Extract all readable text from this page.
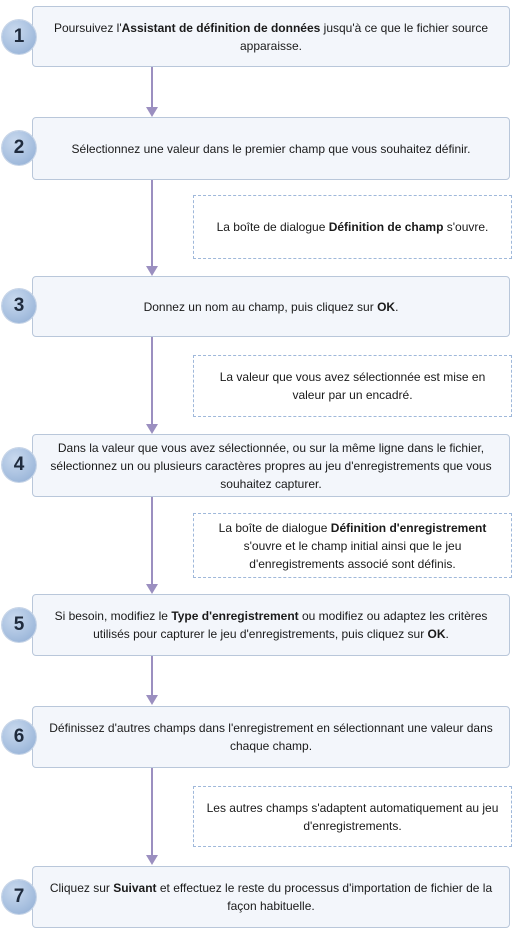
Poursuivez l'Assistant de définition de données jusqu'à ce que le fichier source apparaisse.
Sélectionnez une valeur dans le premier champ que vous souhaitez définir.
Donnez un nom au champ, puis cliquez sur OK.
Dans la valeur que vous avez sélectionnée, ou sur la même ligne dans le fichier, sélectionnez un ou plusieurs caractères propres au jeu d'enregistrements que vous souhaitez capturer.
Si besoin, modifiez le Type d'enregistrement ou modifiez ou adaptez les critères utilisés pour capturer le jeu d'enregistrements, puis cliquez sur OK.
Définissez d'autres champs dans l'enregistrement en sélectionnant une valeur dans chaque champ.
Cliquez sur Suivant et effectuez le reste du processus d'importation de fichier de la façon habituelle.
1
2
3
4
5
6
7
La boîte de dialogue Définition de champ s'ouvre.
La valeur que vous avez sélectionnée est mise en valeur par un encadré.
La boîte de dialogue Définition d'enregistrement s'ouvre et le champ initial ainsi que le jeu d'enregistrements associé sont définis.
Les autres champs s'adaptent automatiquement au jeu d'enregistrements.
